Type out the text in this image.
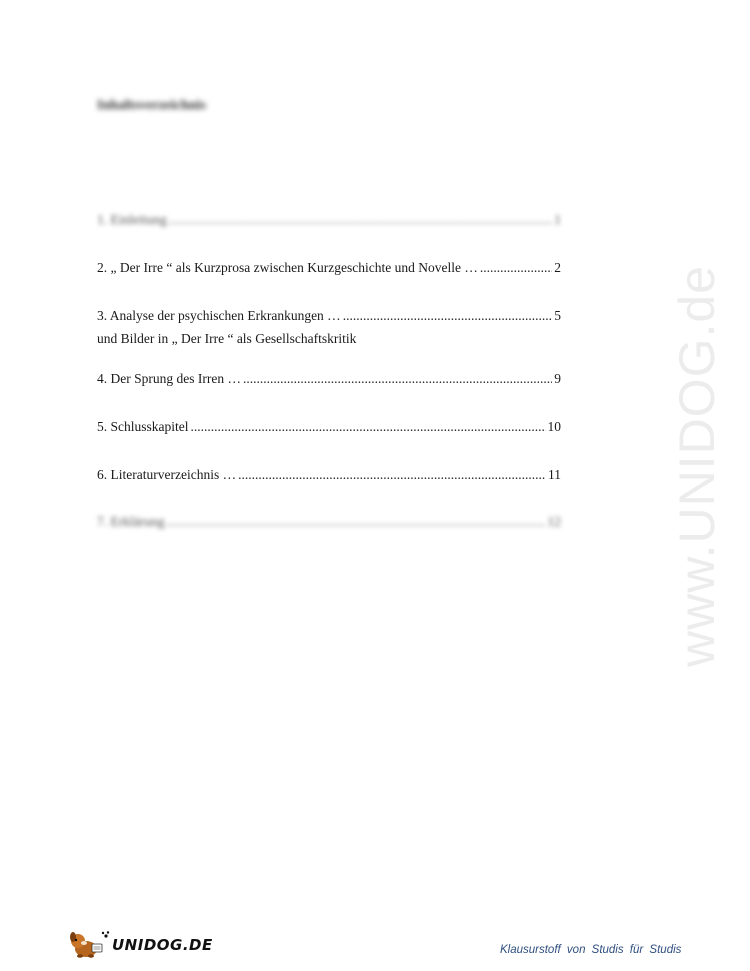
Inhaltsverzeichnis
1. Einleitung .....	1
2. „ Der Irre “ als Kurzprosa zwischen Kurzgeschichte und Novelle … .....	2
3. Analyse der psychischen Erkrankungen … .....	5
und Bilder in „ Der Irre “ als Gesellschaftskritik
4. Der Sprung des Irren … .....	9
5. Schlusskapitel .....	10
6. Literaturverzeichnis … .....	11
7. Erklärung .....	12 www.UNIDOG.de
UNIDOG.DE	Klausurstoff von Studis für Studis
